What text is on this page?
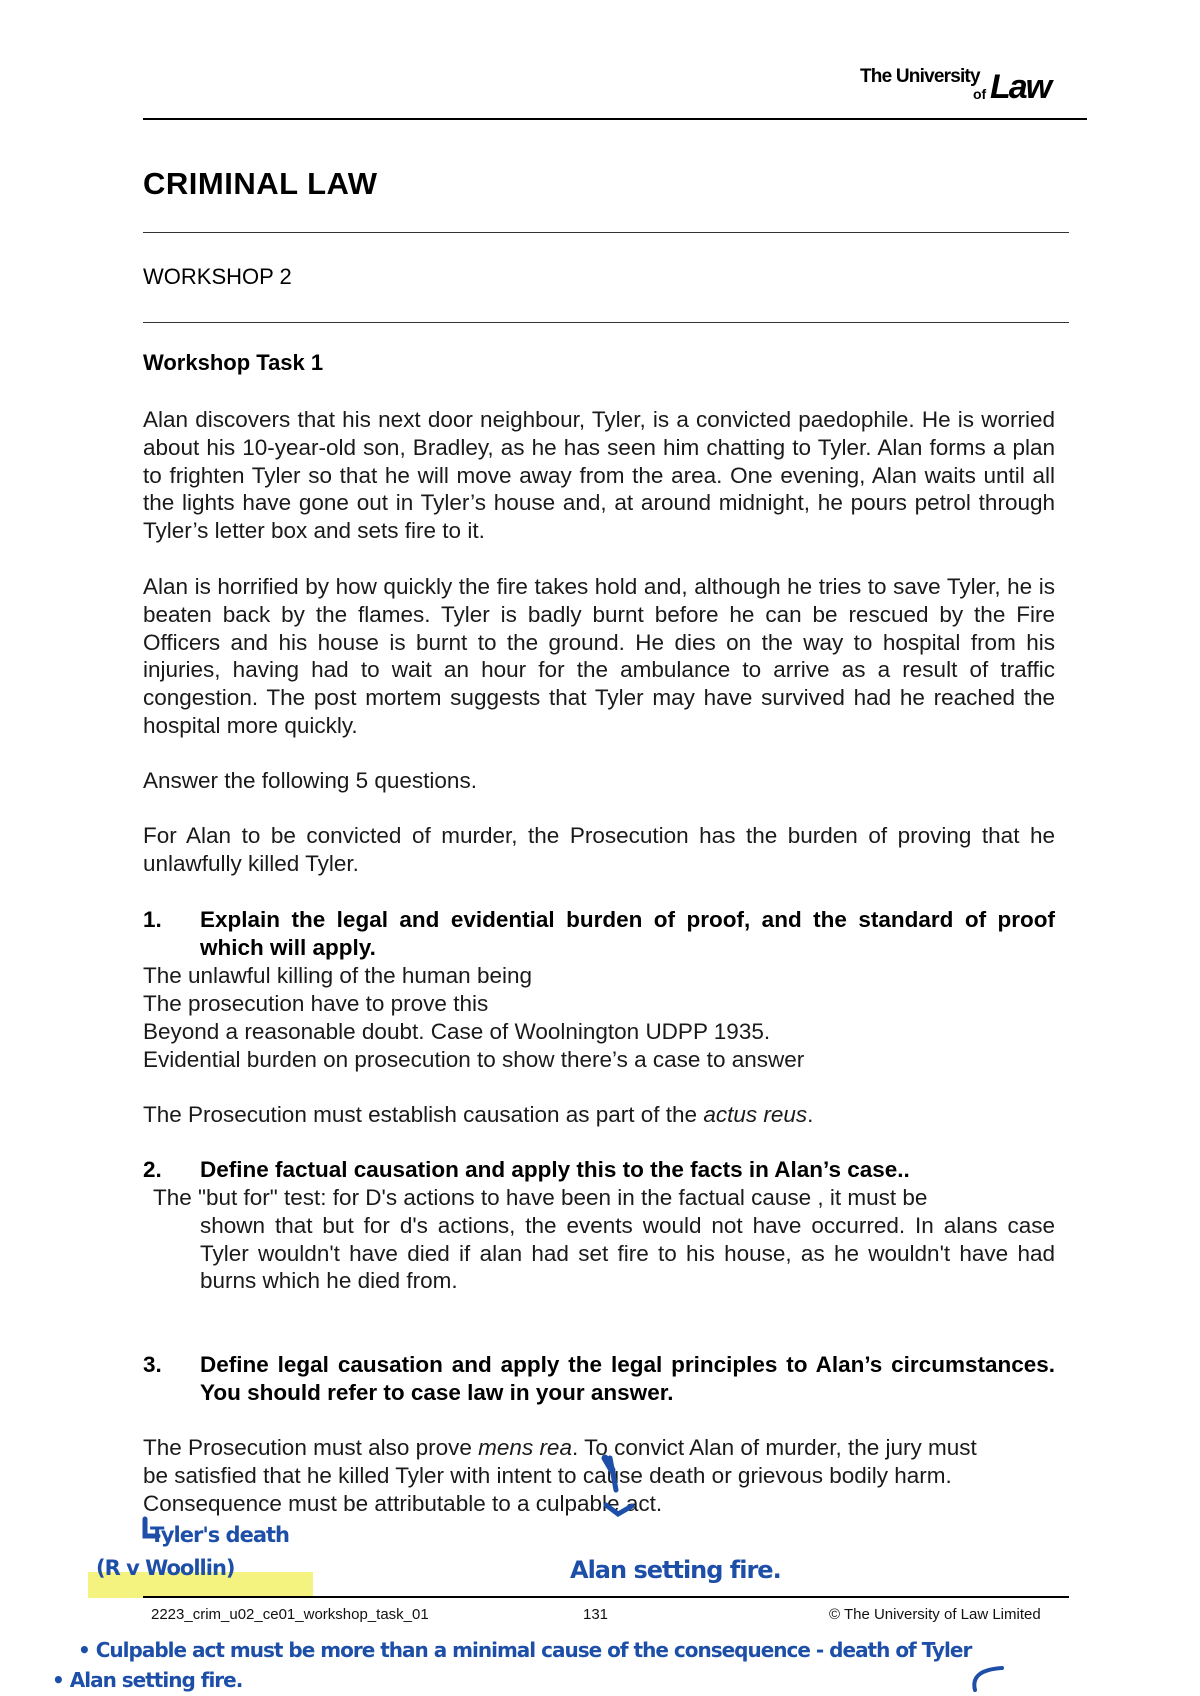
The University
of Law
CRIMINAL LAW
WORKSHOP 2
Workshop Task 1
Alan discovers that his next door neighbour, Tyler, is a convicted paedophile. He is worried about his 10-year-old son, Bradley, as he has seen him chatting to Tyler. Alan forms a plan to frighten Tyler so that he will move away from the area. One evening, Alan waits until all the lights have gone out in Tyler’s house and, at around midnight, he pours petrol through Tyler’s letter box and sets fire to it.
Alan is horrified by how quickly the fire takes hold and, although he tries to save Tyler, he is beaten back by the flames. Tyler is badly burnt before he can be rescued by the Fire Officers and his house is burnt to the ground. He dies on the way to hospital from his injuries, having had to wait an hour for the ambulance to arrive as a result of traffic congestion. The post mortem suggests that Tyler may have survived had he reached the hospital more quickly.
Answer the following 5 questions.
For Alan to be convicted of murder, the Prosecution has the burden of proving that he unlawfully killed Tyler.
1. Explain the legal and evidential burden of proof, and the standard of proof which will apply.
The unlawful killing of the human being
The prosecution have to prove this
Beyond a reasonable doubt. Case of Woolnington UDPP 1935.
Evidential burden on prosecution to show there’s a case to answer
The Prosecution must establish causation as part of the actus reus.
2. Define factual causation and apply this to the facts in Alan’s case..
The "but for" test: for D's actions to have been in the factual cause , it must be
shown that but for d's actions, the events would not have occurred. In alans case Tyler wouldn't have died if alan had set fire to his house, as he wouldn't have had burns which he died from.
3. Define legal causation and apply the legal principles to Alan’s circumstances. You should refer to case law in your answer.
The Prosecution must also prove mens rea. To convict Alan of murder, the jury must
be satisfied that he killed Tyler with intent to cause death or grievous bodily harm.
Consequence must be attributable to a culpable act.
Tyler's death
(R v Woollin)	Alan setting fire.
2223_crim_u02_ce01_workshop_task_01	131	© The University of Law Limited
• Culpable act must be more than a minimal cause of the consequence - death of Tyler
• Alan setting fire.
